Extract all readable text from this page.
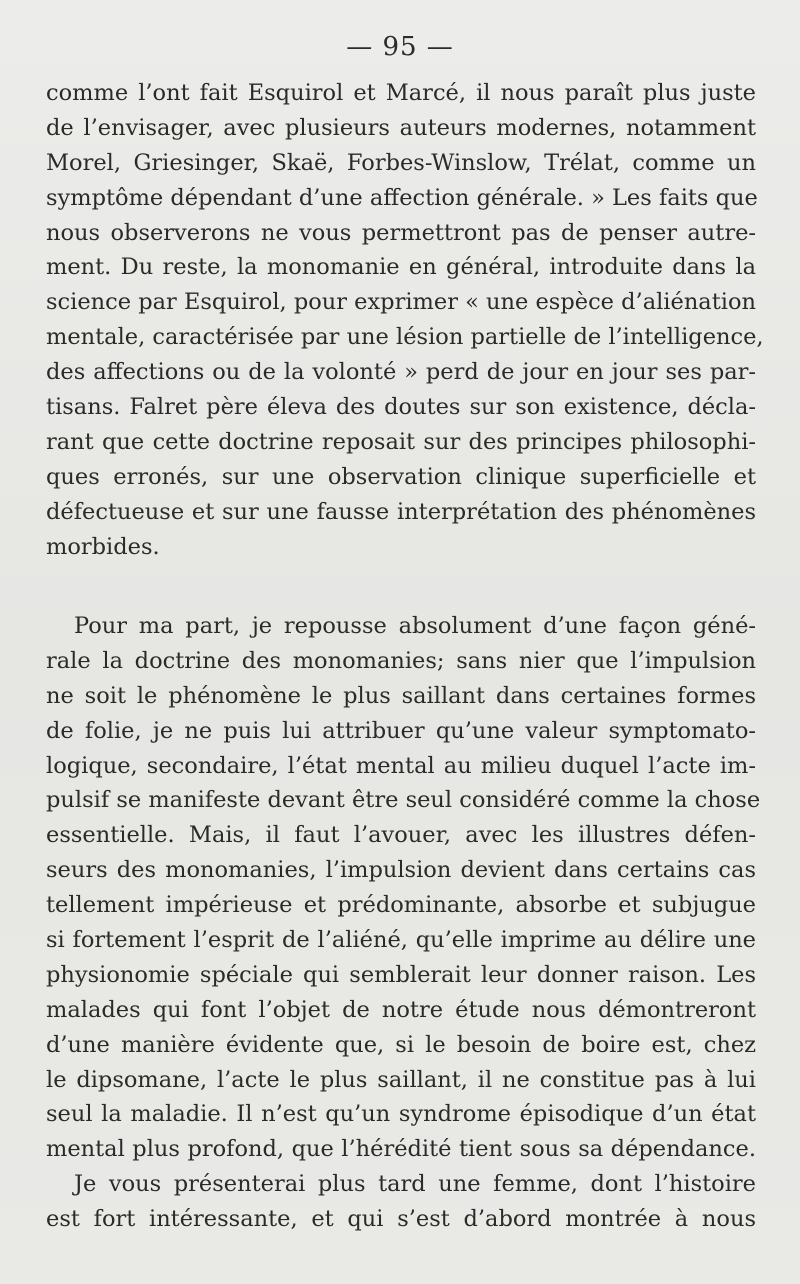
— 95 —
comme l’ont fait Esquirol et Marcé, il nous paraît plus juste
de l’envisager, avec plusieurs auteurs modernes, notamment
Morel, Griesinger, Skaë, Forbes-Winslow, Trélat, comme un
symptôme dépendant d’une affection générale. » Les faits que
nous observerons ne vous permettront pas de penser autre-
ment. Du reste, la monomanie en général, introduite dans la
science par Esquirol, pour exprimer « une espèce d’aliénation
mentale, caractérisée par une lésion partielle de l’intelligence,
des affections ou de la volonté » perd de jour en jour ses par-
tisans. Falret père éleva des doutes sur son existence, décla-
rant que cette doctrine reposait sur des principes philosophi-
ques erronés, sur une observation clinique superficielle et
défectueuse et sur une fausse interprétation des phénomènes
morbides.
Pour ma part, je repousse absolument d’une façon géné-
rale la doctrine des monomanies; sans nier que l’impulsion
ne soit le phénomène le plus saillant dans certaines formes
de folie, je ne puis lui attribuer qu’une valeur symptomato-
logique, secondaire, l’état mental au milieu duquel l’acte im-
pulsif se manifeste devant être seul considéré comme la chose
essentielle. Mais, il faut l’avouer, avec les illustres défen-
seurs des monomanies, l’impulsion devient dans certains cas
tellement impérieuse et prédominante, absorbe et subjugue
si fortement l’esprit de l’aliéné, qu’elle imprime au délire une
physionomie spéciale qui semblerait leur donner raison. Les
malades qui font l’objet de notre étude nous démontreront
d’une manière évidente que, si le besoin de boire est, chez
le dipsomane, l’acte le plus saillant, il ne constitue pas à lui
seul la maladie. Il n’est qu’un syndrome épisodique d’un état
mental plus profond, que l’hérédité tient sous sa dépendance.
Je vous présenterai plus tard une femme, dont l’histoire
est fort intéressante, et qui s’est d’abord montrée à nous
